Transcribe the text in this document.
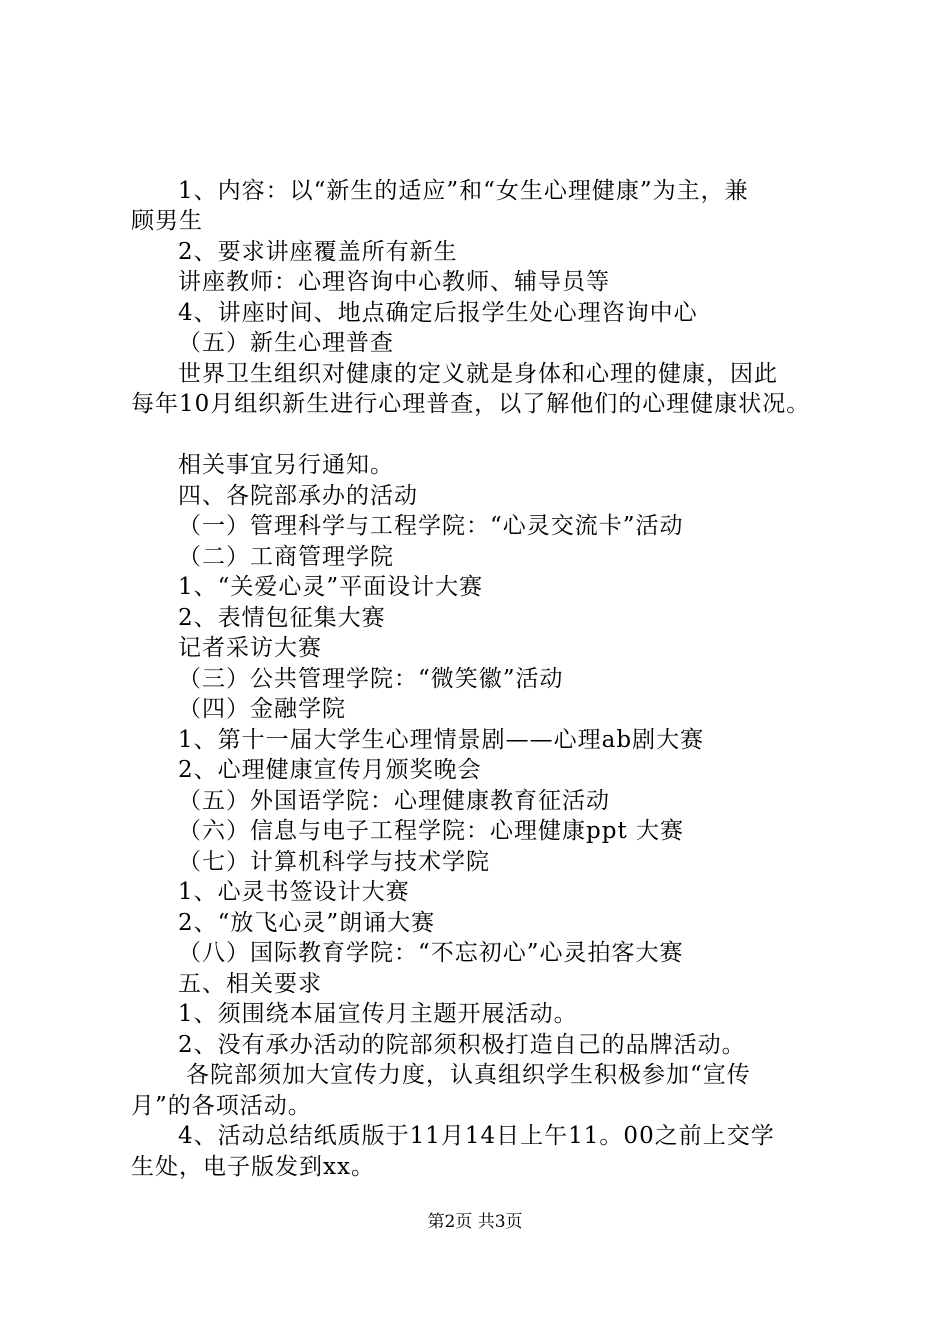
1、内容：以“新生的适应”和“女生心理健康”为主，兼
顾男生
2、要求讲座覆盖所有新生
讲座教师：心理咨询中心教师、辅导员等
4、讲座时间、地点确定后报学生处心理咨询中心
（五）新生心理普查
世界卫生组织对健康的定义就是身体和心理的健康，因此
每年10月组织新生进行心理普查，以了解他们的心理健康状况。
相关事宜另行通知。
四、各院部承办的活动
（一）管理科学与工程学院：“心灵交流卡”活动
（二）工商管理学院
1、“关爱心灵”平面设计大赛
2、表情包征集大赛
记者采访大赛
（三）公共管理学院：“微笑徽”活动
（四）金融学院
1、第十一届大学生心理情景剧——心理ab剧大赛
2、心理健康宣传月颁奖晚会
（五）外国语学院：心理健康教育征活动
（六）信息与电子工程学院：心理健康ppt 大赛
（七）计算机科学与技术学院
1、心灵书签设计大赛
2、“放飞心灵”朗诵大赛
（八）国际教育学院：“不忘初心”心灵拍客大赛
五、相关要求
1、须围绕本届宣传月主题开展活动。
2、没有承办活动的院部须积极打造自己的品牌活动。
各院部须加大宣传力度，认真组织学生积极参加“宣传
月”的各项活动。
4、活动总结纸质版于11月14日上午11。00之前上交学
生处，电子版发到xx。
第2页 共3页
